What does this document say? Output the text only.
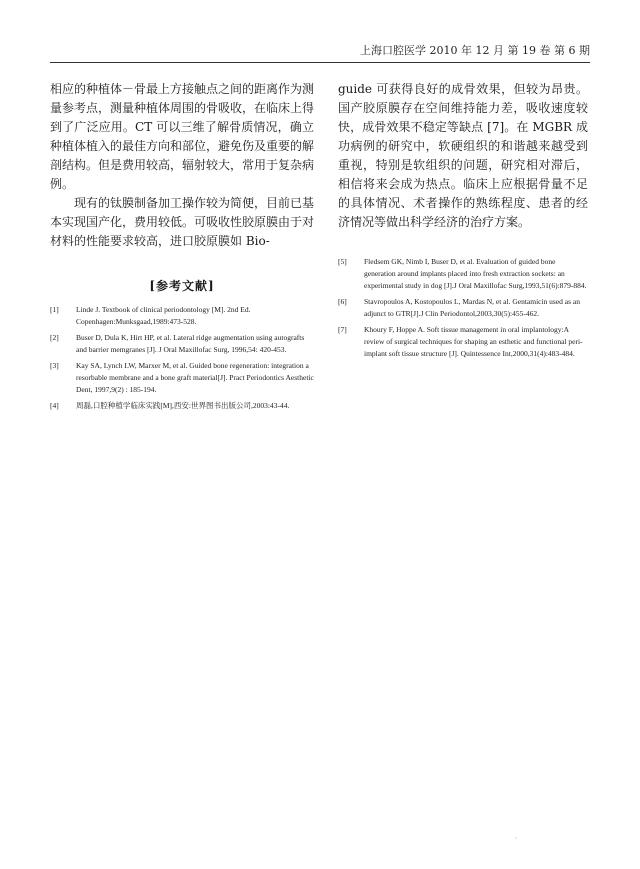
上海口腔医学 2010 年 12 月 第 19 卷 第 6 期

相应的种植体－骨最上方接触点之间的距离作为测量参考点，测量种植体周围的骨吸收，在临床上得到了广泛应用。CT 可以三维了解骨质情况，确立种植体植入的最佳方向和部位，避免伤及重要的解剖结构。但是费用较高，辐射较大，常用于复杂病例。

现有的钛膜制备加工操作较为简便，目前已基本实现国产化，费用较低。可吸收性胶原膜由于对材料的性能要求较高，进口胶原膜如 Bio-

[参考文献]
[1] Linde J. Textbook of clinical periodontology [M]. 2nd Ed. Copenhagen:Munksgaad,1989:473-528.
[2] Buser D, Dula K, Hirt HP, et al. Lateral ridge augmentation using autografts and barrier memgranes [J]. J Oral Maxillofac Surg, 1996,54: 420-453.
[3] Kay SA, Lynch LW, Marxer M, et al. Guided bone regeneration: integration a resorbable membrane and a bone graft material[J]. Pract Periodontics Aesthetic Dent, 1997,9(2) : 185-194.
[4] 周磊,口腔种植学临床实践[M],西安:世界图书出版公司,2003:43-44.

guide 可获得良好的成骨效果，但较为昂贵。国产胶原膜存在空间维持能力差，吸收速度较快，成骨效果不稳定等缺点 [7]。在 MGBR 成功病例的研究中，软硬组织的和谐越来越受到重视，特别是软组织的问题，研究相对滞后，相信将来会成为热点。临床上应根据骨量不足的具体情况、术者操作的熟练程度、患者的经济情况等做出科学经济的治疗方案。

[5] Fledsem GK, Nimb I, Buser D, et al. Evaluation of guided bone generation around implants placed into fresh extraction sockets: an experimental study in dog [J].J Oral Maxillofac Surg,1993,51(6):879-884.
[6] Stavropoulos A, Kostopoulos L, Mardas N, et al. Gentamicin used as an adjunct to GTR[J].J Clin Periodontol,2003,30(5):455-462.
[7] Khoury F, Hoppe A. Soft tissue management in oral implantology:A review of surgical techniques for shaping an esthetic and functional peri-implant soft tissue structure [J]. Quintessence Int,2000,31(4):483-484.
ˋ
